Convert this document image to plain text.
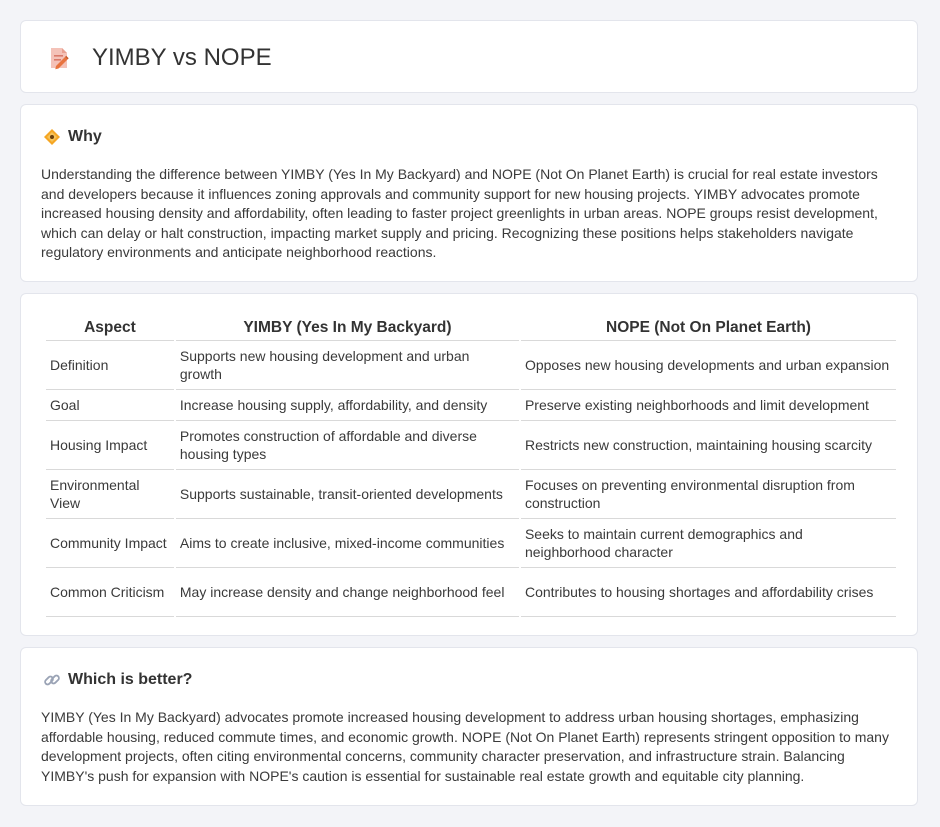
YIMBY vs NOPE
Why

Understanding the difference between YIMBY (Yes In My Backyard) and NOPE (Not On Planet Earth) is crucial for real estate investors and developers because it influences zoning approvals and community support for new housing projects. YIMBY advocates promote increased housing density and affordability, often leading to faster project greenlights in urban areas. NOPE groups resist development, which can delay or halt construction, impacting market supply and pricing. Recognizing these positions helps stakeholders navigate regulatory environments and anticipate neighborhood reactions.

Aspect	YIMBY (Yes In My Backyard)	NOPE (Not On Planet Earth)
Definition	Supports new housing development and urban growth	Opposes new housing developments and urban expansion
Goal	Increase housing supply, affordability, and density	Preserve existing neighborhoods and limit development
Housing Impact	Promotes construction of affordable and diverse housing types	Restricts new construction, maintaining housing scarcity
Environmental View	Supports sustainable, transit-oriented developments	Focuses on preventing environmental disruption from construction
Community Impact	Aims to create inclusive, mixed-income communities	Seeks to maintain current demographics and neighborhood character
Common Criticism	May increase density and change neighborhood feel	Contributes to housing shortages and affordability crises
Which is better?

YIMBY (Yes In My Backyard) advocates promote increased housing development to address urban housing shortages, emphasizing affordable housing, reduced commute times, and economic growth. NOPE (Not On Planet Earth) represents stringent opposition to many development projects, often citing environmental concerns, community character preservation, and infrastructure strain. Balancing YIMBY's push for expansion with NOPE's caution is essential for sustainable real estate growth and equitable city planning.
